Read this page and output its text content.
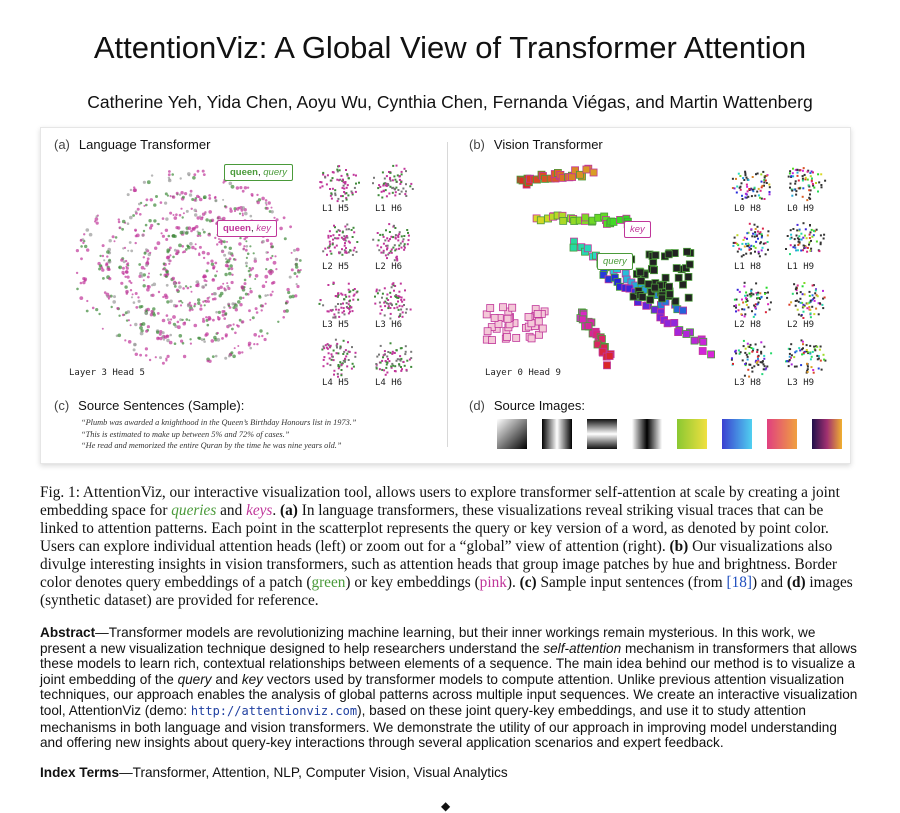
AttentionViz: A Global View of Transformer Attention
Catherine Yeh, Yida Chen, Aoyu Wu, Cynthia Chen, Fernanda Viégas, and Martin Wattenberg
(a) Language Transformer
Layer 3 Head 5
queen, query
queen, key
L1 H5	L1 H6
L2 H5	L2 H6
L3 H5	L3 H6
L4 H5	L4 H6
(b) Vision Transformer
Layer 0 Head 9
key
query
L0 H8	L0 H9
L1 H8	L1 H9
L2 H8	L2 H9
L3 H8	L3 H9
(c) Source Sentences (Sample):
“Plumb was awarded a knighthood in the Queen’s Birthday Honours list in 1973.”
“This is estimated to make up between 5% and 72% of cases.”
“He read and memorized the entire Quran by the time he was nine years old.”
(d) Source Images:
Fig. 1: AttentionViz, our interactive visualization tool, allows users to explore transformer self-attention at scale by creating a joint embedding space for queries and keys. (a) In language transformers, these visualizations reveal striking visual traces that can be linked to attention patterns. Each point in the scatterplot represents the query or key version of a word, as denoted by point color. Users can explore individual attention heads (left) or zoom out for a “global” view of attention (right). (b) Our visualizations also divulge interesting insights in vision transformers, such as attention heads that group image patches by hue and brightness. Border color denotes query embeddings of a patch (green) or key embeddings (pink). (c) Sample input sentences (from [18]) and (d) images (synthetic dataset) are provided for reference.
Abstract—Transformer models are revolutionizing machine learning, but their inner workings remain mysterious. In this work, we present a new visualization technique designed to help researchers understand the self-attention mechanism in transformers that allows these models to learn rich, contextual relationships between elements of a sequence. The main idea behind our method is to visualize a joint embedding of the query and key vectors used by transformer models to compute attention. Unlike previous attention visualization techniques, our approach enables the analysis of global patterns across multiple input sequences. We create an interactive visualization tool, AttentionViz (demo: http://attentionviz.com), based on these joint query-key embeddings, and use it to study attention mechanisms in both language and vision transformers. We demonstrate the utility of our approach in improving model understanding and offering new insights about query-key interactions through several application scenarios and expert feedback.
Index Terms—Transformer, Attention, NLP, Computer Vision, Visual Analytics
◆
